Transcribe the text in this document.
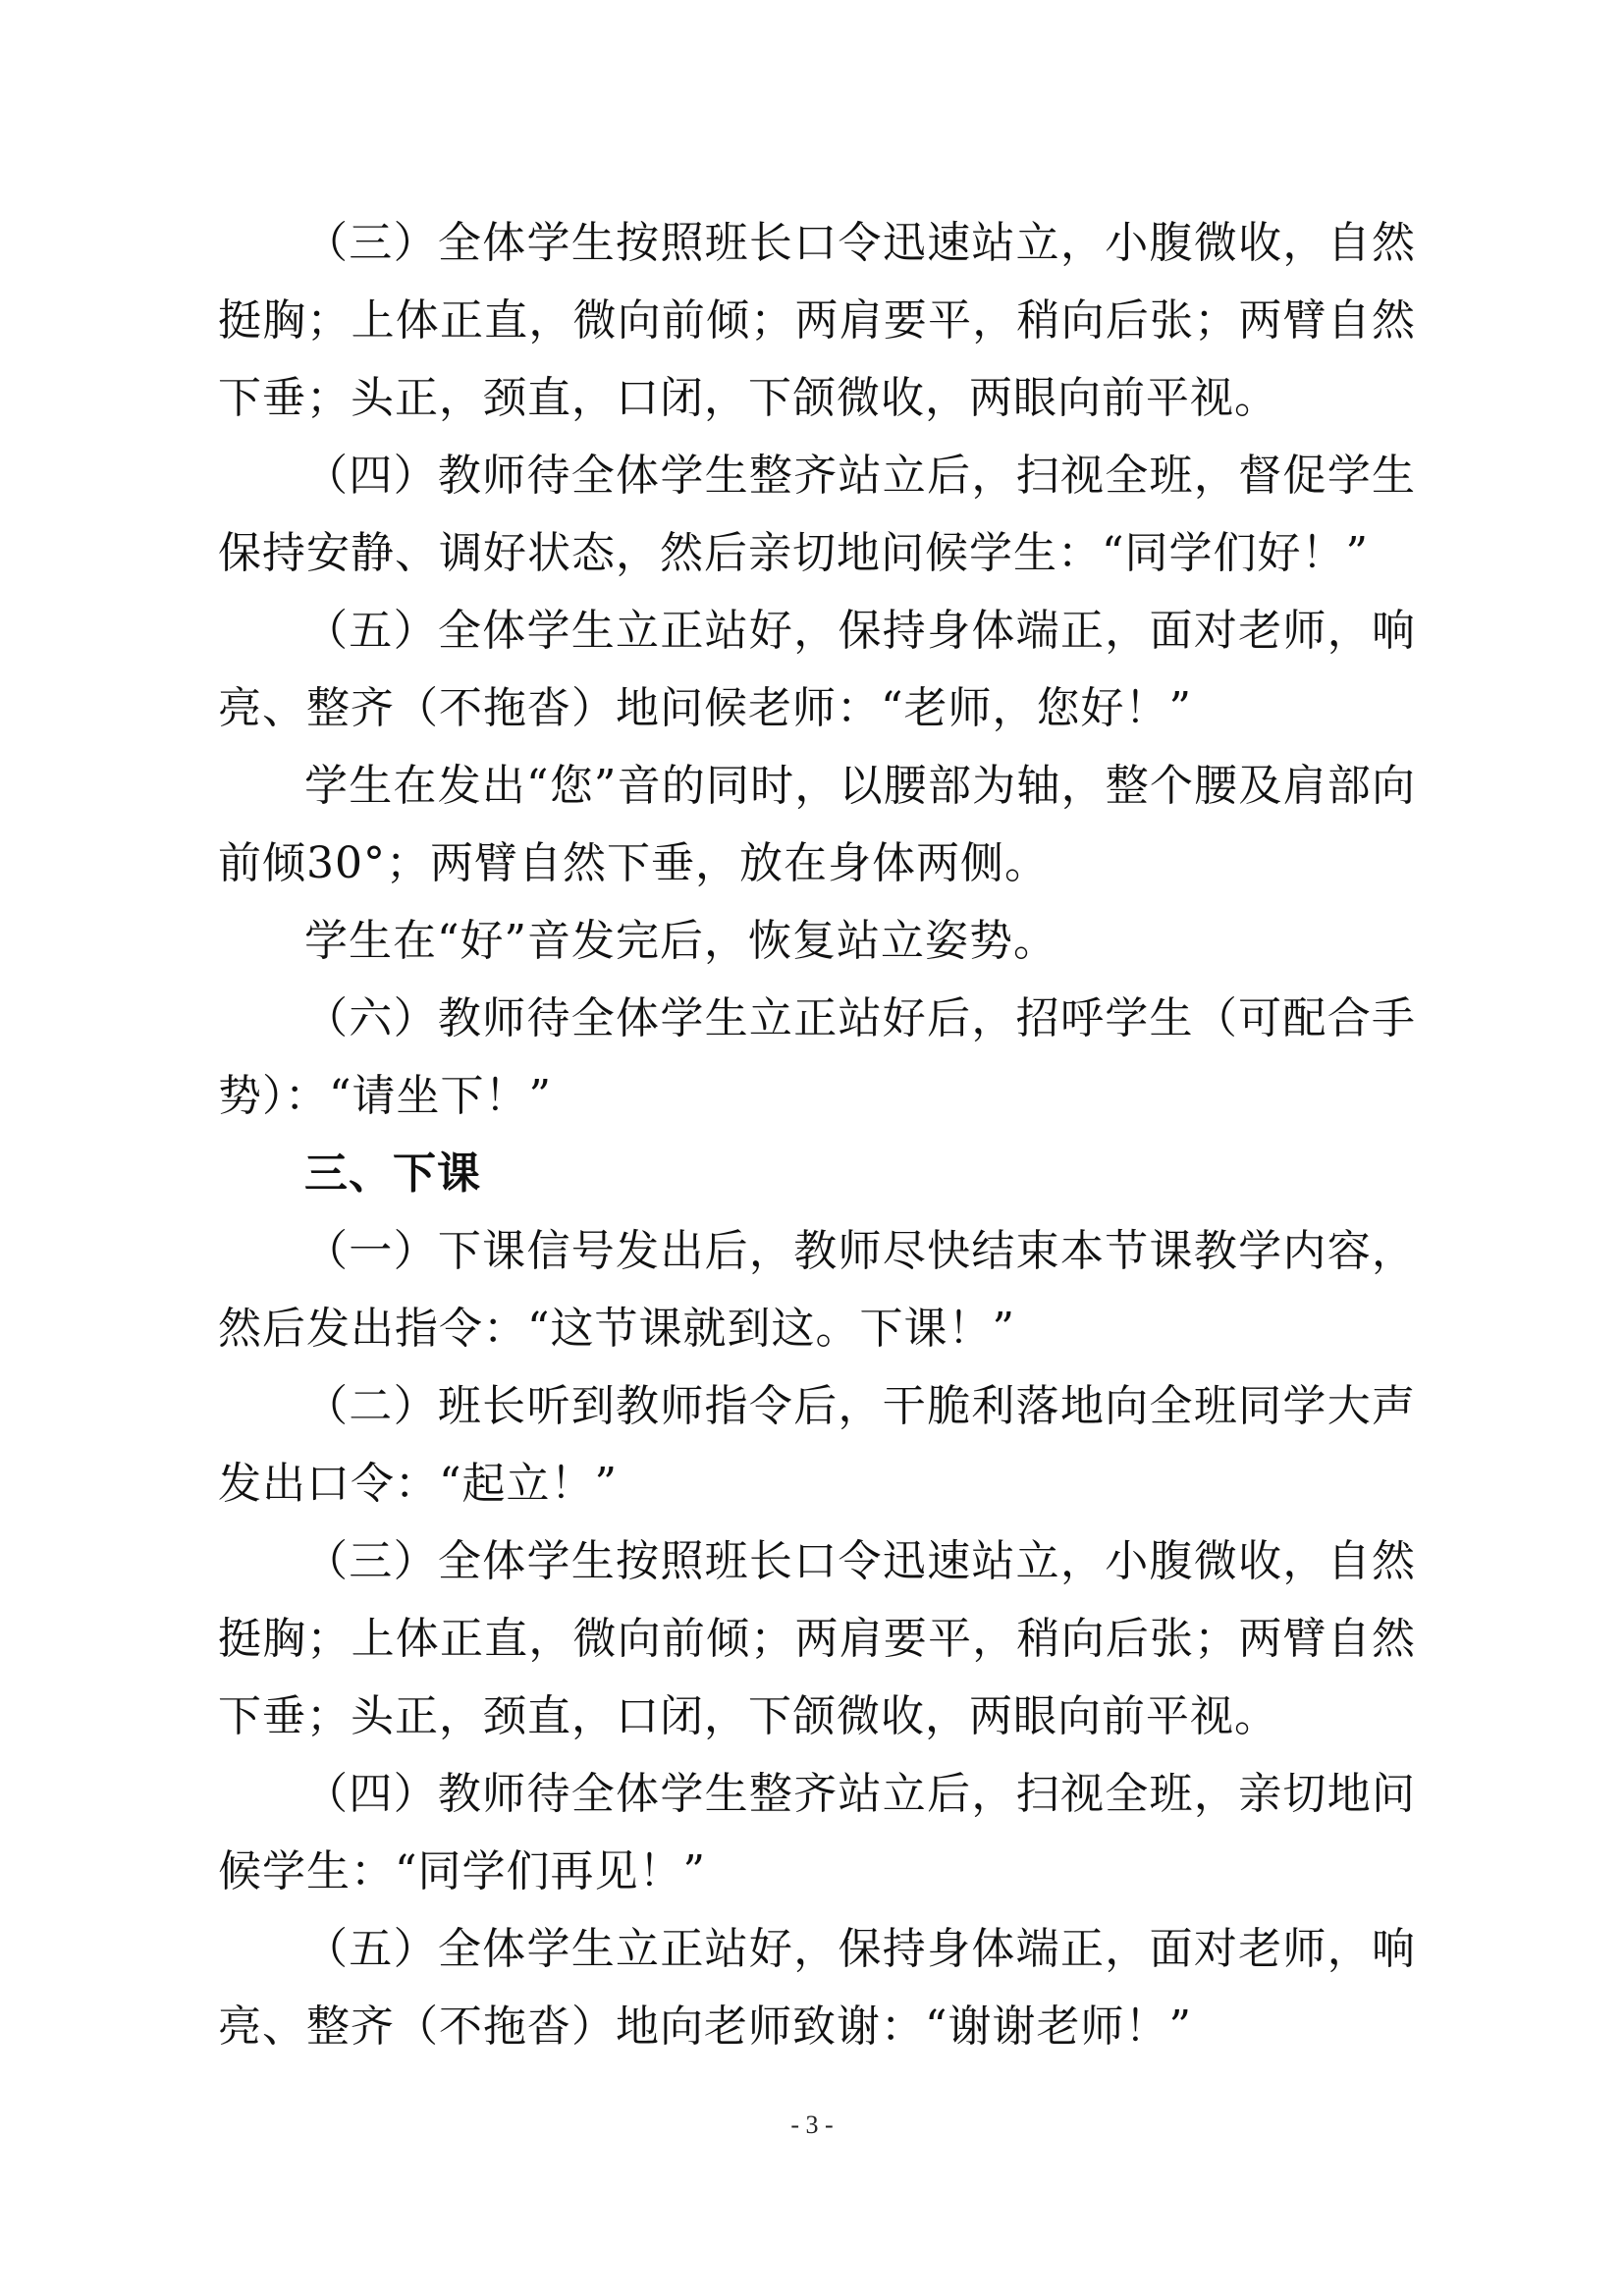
（三）全体学生按照班长口令迅速站立，小腹微收，自然挺胸；上体正直，微向前倾；两肩要平，稍向后张；两臂自然下垂；头正，颈直，口闭，下颌微收，两眼向前平视。

（四）教师待全体学生整齐站立后，扫视全班，督促学生保持安静、调好状态，然后亲切地问候学生：“同学们好！”

（五）全体学生立正站好，保持身体端正，面对老师，响亮、整齐（不拖沓）地问候老师：“老师，您好！”

学生在发出“您”音的同时，以腰部为轴，整个腰及肩部向前倾30°；两臂自然下垂，放在身体两侧。

学生在“好”音发完后，恢复站立姿势。

（六）教师待全体学生立正站好后，招呼学生（可配合手势）：“请坐下！”

三、下课

（一）下课信号发出后，教师尽快结束本节课教学内容，然后发出指令：“这节课就到这。下课！”

（二）班长听到教师指令后，干脆利落地向全班同学大声发出口令：“起立！”

（三）全体学生按照班长口令迅速站立，小腹微收，自然挺胸；上体正直，微向前倾；两肩要平，稍向后张；两臂自然下垂；头正，颈直，口闭，下颌微收，两眼向前平视。

（四）教师待全体学生整齐站立后，扫视全班，亲切地问候学生：“同学们再见！”

（五）全体学生立正站好，保持身体端正，面对老师，响亮、整齐（不拖沓）地向老师致谢：“谢谢老师！”

- 3 -
